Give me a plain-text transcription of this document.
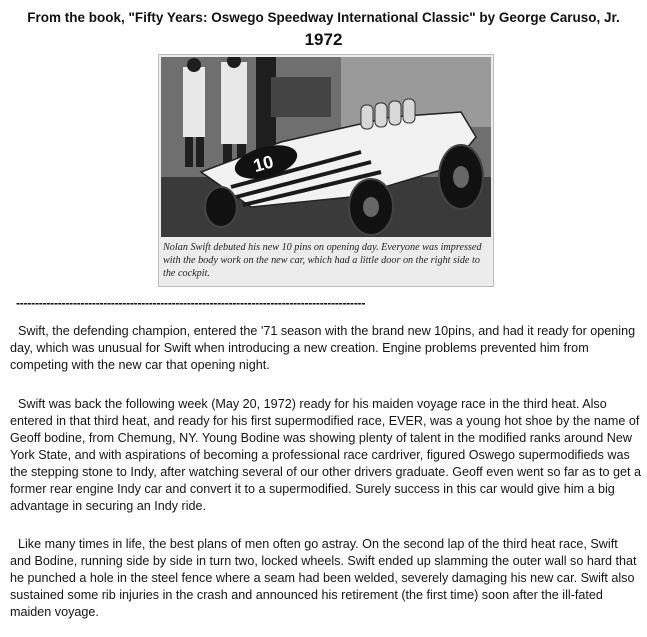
From the book, "Fifty Years: Oswego Speedway International Classic" by George Caruso, Jr.
1972
10
Nolan Swift debuted his new 10 pins on opening day. Everyone was impressed with the body work on the new car, which had a little door on the right side to the cockpit.
--------------------------------------------------------------------------------------------
Swift, the defending champion, entered the '71 season with the brand new 10pins, and had it ready for opening day, which was unusual for Swift when introducing a new creation. Engine problems prevented him from competing with the new car that opening night.
Swift was back the following week (May 20, 1972) ready for his maiden voyage race in the third heat. Also entered in that third heat, and ready for his first supermodified race, EVER, was a young hot shoe by the name of Geoff bodine, from Chemung, NY. Young Bodine was showing plenty of talent in the modified ranks around New York State, and with aspirations of becoming a professional race cardriver, figured Oswego supermodifieds was the stepping stone to Indy, after watching several of our other drivers graduate. Geoff even went so far as to get a former rear engine Indy car and convert it to a supermodified. Surely success in this car would give him a big advantage in securing an Indy ride.
Like many times in life, the best plans of men often go astray. On the second lap of the third heat race, Swift and Bodine, running side by side in turn two, locked wheels. Swift ended up slamming the outer wall so hard that he punched a hole in the steel fence where a seam had been welded, severely damaging his new car. Swift also sustained some rib injuries in the crash and announced his retirement (the first time) soon after the ill-fated maiden voyage.
